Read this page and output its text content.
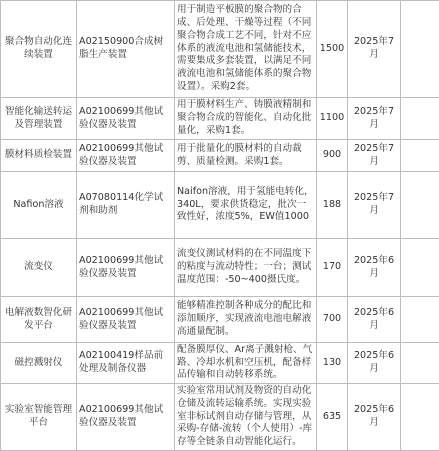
聚合物自动化连续装置	A02150900合成树脂生产装置	用于制造平板膜的聚合物的合成、后处理、干燥等过程（不同聚合物合成工艺不同，针对不应体系的液流电池和氢储能技术，需要集成多套装置，以满足不同液流电池和氢储能体系的聚合物设置）。采购2套。	1500	2025年7月	
智能化输送转运及管理装置	A02100699其他试验仪器及装置	用于膜材料生产、铸膜液精制和聚合物合成的智能化、自动化批量化，采购1套。	1100	2025年7月	
膜材料质检装置	A02100699其他试验仪器及装置	用于批量化的膜材料的自动裁剪、质量检测。采购1套。	900	2025年7月	
Nafion溶液	A07080114化学试剂和助剂	Naifon溶液，用于氢能电转化，340L，要求供货稳定，批次一致性好，浓度5%，EW值1000	188	2025年7月	
流变仪	A02100699其他试验仪器及装置	流变仪测试材料的在不同温度下的粘度与流动特性；一台；测试温度范围：-50~400摄氏度。	170	2025年6月	
电解液数智化研发平台	A02100699其他试验仪器及装置	能够精准控制各种成分的配比和添加顺序，实现液流电池电解液高通量配制。	700	2025年6月	
磁控溅射仪	A02100419样品前处理及制备仪器	配备膜厚仪、Ar离子溅射枪、气路、冷却水机和空压机，配备样品传输和自动转移系统。	130	2025年6月	
实验室智能管理平台	A02100699其他试验仪器及装置	实验室常用试剂及物资的自动化仓储及流转运输系统。实现实验室非标试剂自动存储与管理，从采购-存储-流转（个人使用）-库存等全链条自动智能化运行。	635	2025年6月	
